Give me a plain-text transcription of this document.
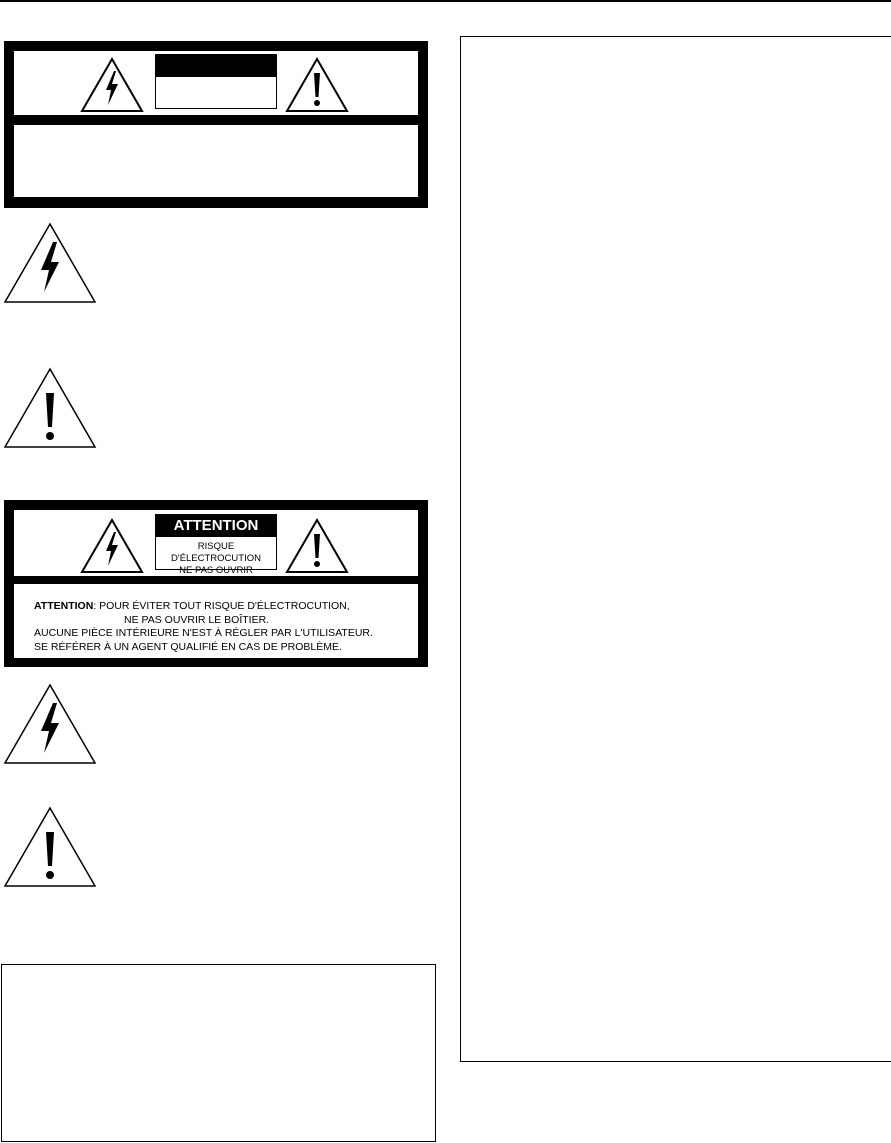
ATTENTION
RISQUE D'ÉLECTROCUTION
NE PAS OUVRIR
ATTENTION: POUR ÉVITER TOUT RISQUE D'ÉLECTROCUTION,
NE PAS OUVRIR LE BOÎTIER.
AUCUNE PIÈCE INTÉRIEURE N'EST À RÉGLER PAR L'UTILISATEUR.
SE RÉFÉRER À UN AGENT QUALIFIÉ EN CAS DE PROBLÈME.
